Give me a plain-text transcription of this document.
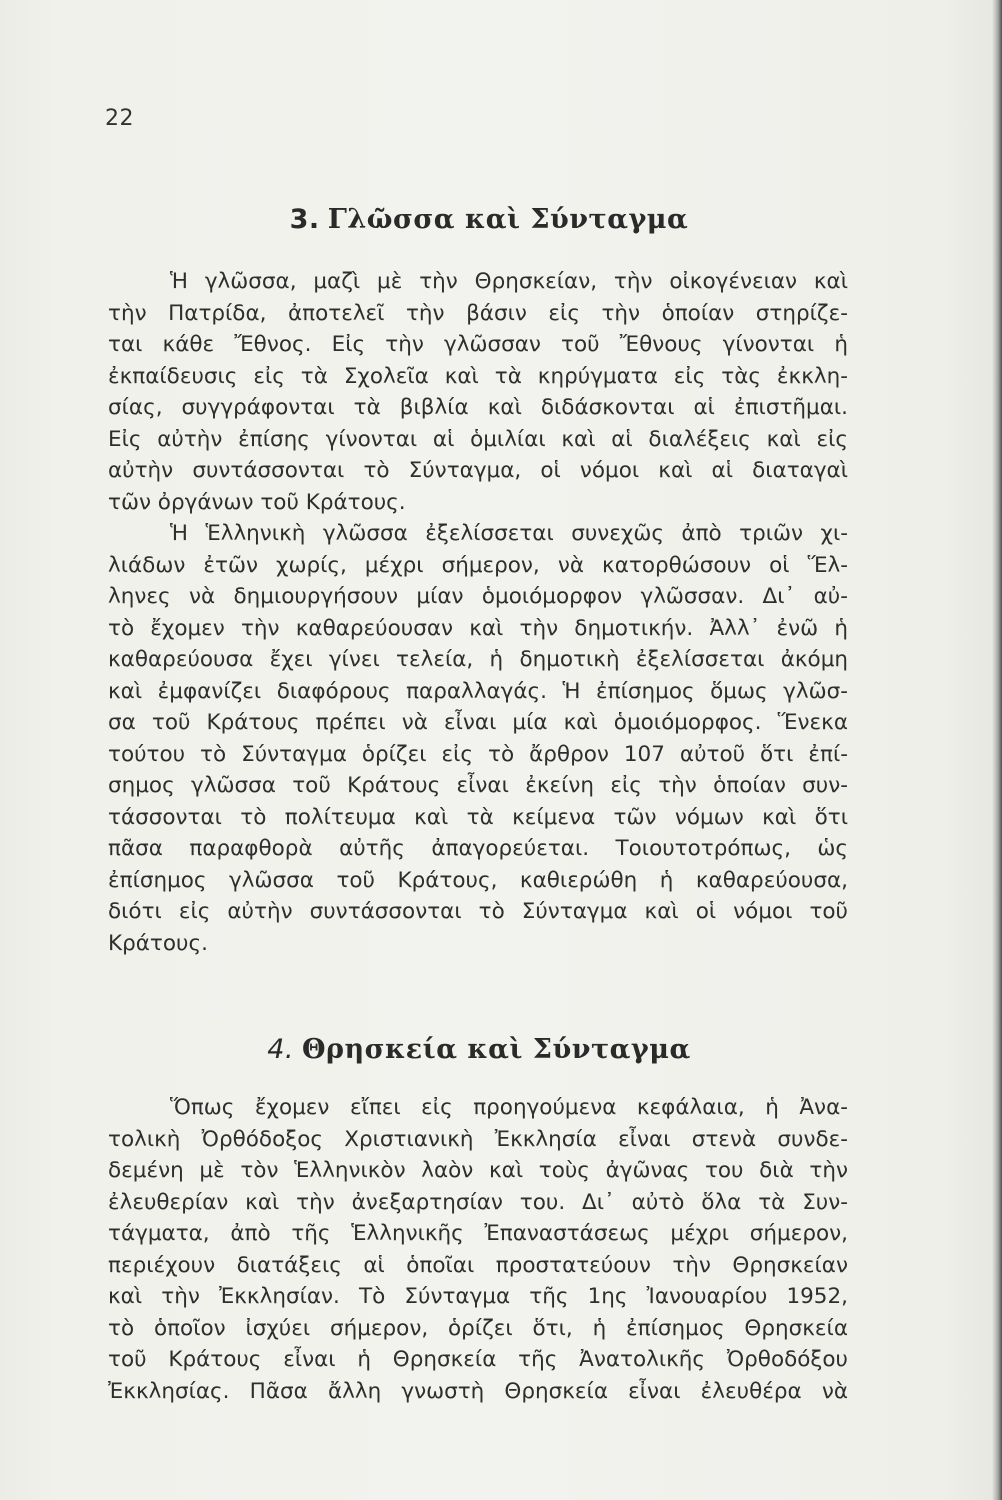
22
3. Γλῶσσα καὶ Σύνταγμα
Ἡ γλῶσσα, μαζὶ μὲ τὴν Θρησκείαν, τὴν οἰκογένειαν καὶ
τὴν Πατρίδα, ἀποτελεῖ τὴν βάσιν εἰς τὴν ὁποίαν στηρίζε-
ται κάθε Ἔθνος. Εἰς τὴν γλῶσσαν τοῦ Ἔθνους γίνονται ἡ
ἐκπαίδευσις εἰς τὰ Σχολεῖα καὶ τὰ κηρύγματα εἰς τὰς ἐκκλη-
σίας, συγγράφονται τὰ βιβλία καὶ διδάσκονται αἱ ἐπιστῆμαι.
Εἰς αὐτὴν ἐπίσης γίνονται αἱ ὁμιλίαι καὶ αἱ διαλέξεις καὶ εἰς
αὐτὴν συντάσσονται τὸ Σύνταγμα, οἱ νόμοι καὶ αἱ διαταγαὶ
τῶν ὀργάνων τοῦ Κράτους.
Ἡ Ἑλληνικὴ γλῶσσα ἐξελίσσεται συνεχῶς ἀπὸ τριῶν χι-
λιάδων ἐτῶν χωρίς, μέχρι σήμερον, νὰ κατορθώσουν οἱ Ἕλ-
ληνες νὰ δημιουργήσουν μίαν ὁμοιόμορφον γλῶσσαν. Δι᾿ αὐ-
τὸ ἔχομεν τὴν καθαρεύουσαν καὶ τὴν δημοτικήν. Ἀλλ᾿ ἐνῶ ἡ
καθαρεύουσα ἔχει γίνει τελεία, ἡ δημοτικὴ ἐξελίσσεται ἀκόμη
καὶ ἐμφανίζει διαφόρους παραλλαγάς. Ἡ ἐπίσημος ὅμως γλῶσ-
σα τοῦ Κράτους πρέπει νὰ εἶναι μία καὶ ὁμοιόμορφος. Ἕνεκα
τούτου τὸ Σύνταγμα ὁρίζει εἰς τὸ ἄρθρον 107 αὐτοῦ ὅτι ἐπί-
σημος γλῶσσα τοῦ Κράτους εἶναι ἐκείνη εἰς τὴν ὁποίαν συν-
τάσσονται τὸ πολίτευμα καὶ τὰ κείμενα τῶν νόμων καὶ ὅτι
πᾶσα παραφθορὰ αὐτῆς ἀπαγορεύεται. Τοιουτοτρόπως, ὡς
ἐπίσημος γλῶσσα τοῦ Κράτους, καθιερώθη ἡ καθαρεύουσα,
διότι εἰς αὐτὴν συντάσσονται τὸ Σύνταγμα καὶ οἱ νόμοι τοῦ
Κράτους.
4. Θρησκεία καὶ Σύνταγμα
Ὅπως ἔχομεν εἴπει εἰς προηγούμενα κεφάλαια, ἡ Ἀνα-
τολικὴ Ὀρθόδοξος Χριστιανικὴ Ἐκκλησία εἶναι στενὰ συνδε-
δεμένη μὲ τὸν Ἑλληνικὸν λαὸν καὶ τοὺς ἀγῶνας του διὰ τὴν
ἐλευθερίαν καὶ τὴν ἀνεξαρτησίαν του. Δι᾿ αὐτὸ ὅλα τὰ Συν-
τάγματα, ἀπὸ τῆς Ἑλληνικῆς Ἐπαναστάσεως μέχρι σήμερον,
περιέχουν διατάξεις αἱ ὁποῖαι προστατεύουν τὴν Θρησκείαν
καὶ τὴν Ἐκκλησίαν. Τὸ Σύνταγμα τῆς 1ης Ἰανουαρίου 1952,
τὸ ὁποῖον ἰσχύει σήμερον, ὁρίζει ὅτι, ἡ ἐπίσημος Θρησκεία
τοῦ Κράτους εἶναι ἡ Θρησκεία τῆς Ἀνατολικῆς Ὀρθοδόξου
Ἐκκλησίας. Πᾶσα ἄλλη γνωστὴ Θρησκεία εἶναι ἐλευθέρα νὰ
